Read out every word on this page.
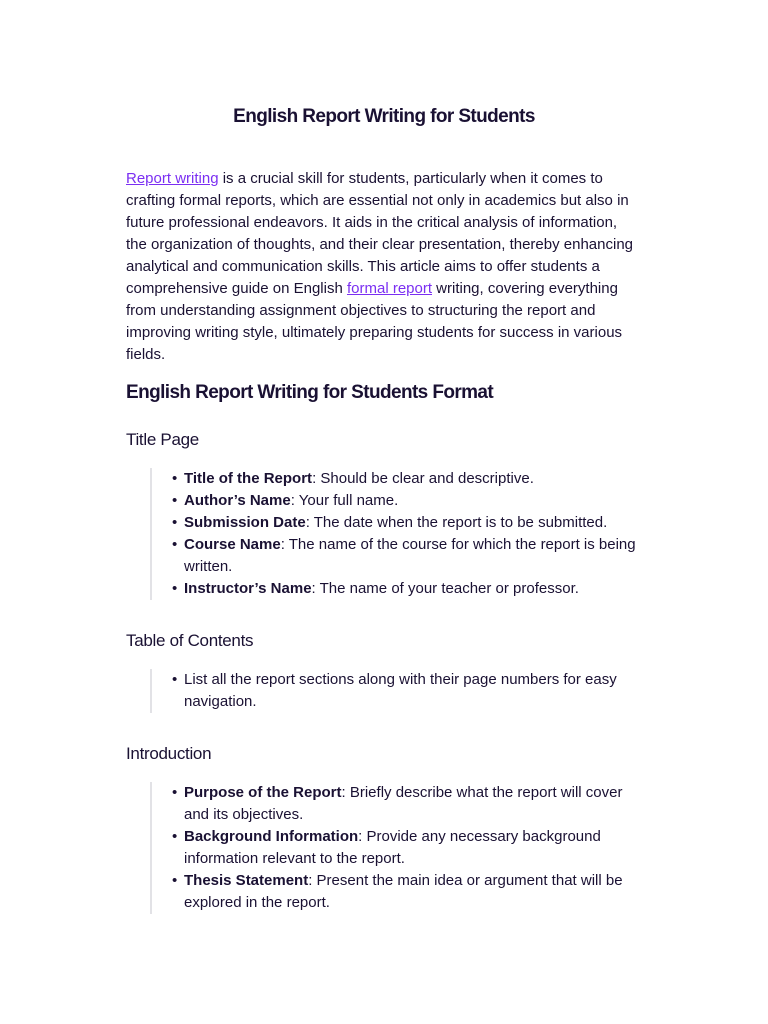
English Report Writing for Students

Report writing is a crucial skill for students, particularly when it comes to crafting formal reports, which are essential not only in academics but also in future professional endeavors. It aids in the critical analysis of information, the organization of thoughts, and their clear presentation, thereby enhancing analytical and communication skills. This article aims to offer students a comprehensive guide on English formal report writing, covering everything from understanding assignment objectives to structuring the report and improving writing style, ultimately preparing students for success in various fields.

English Report Writing for Students Format
Title Page
• Title of the Report: Should be clear and descriptive.
• Author’s Name: Your full name.
• Submission Date: The date when the report is to be submitted.
• Course Name: The name of the course for which the report is being written.
• Instructor’s Name: The name of your teacher or professor.
Table of Contents
• List all the report sections along with their page numbers for easy navigation.
Introduction
• Purpose of the Report: Briefly describe what the report will cover and its objectives.
• Background Information: Provide any necessary background information relevant to the report.
• Thesis Statement: Present the main idea or argument that will be explored in the report.
